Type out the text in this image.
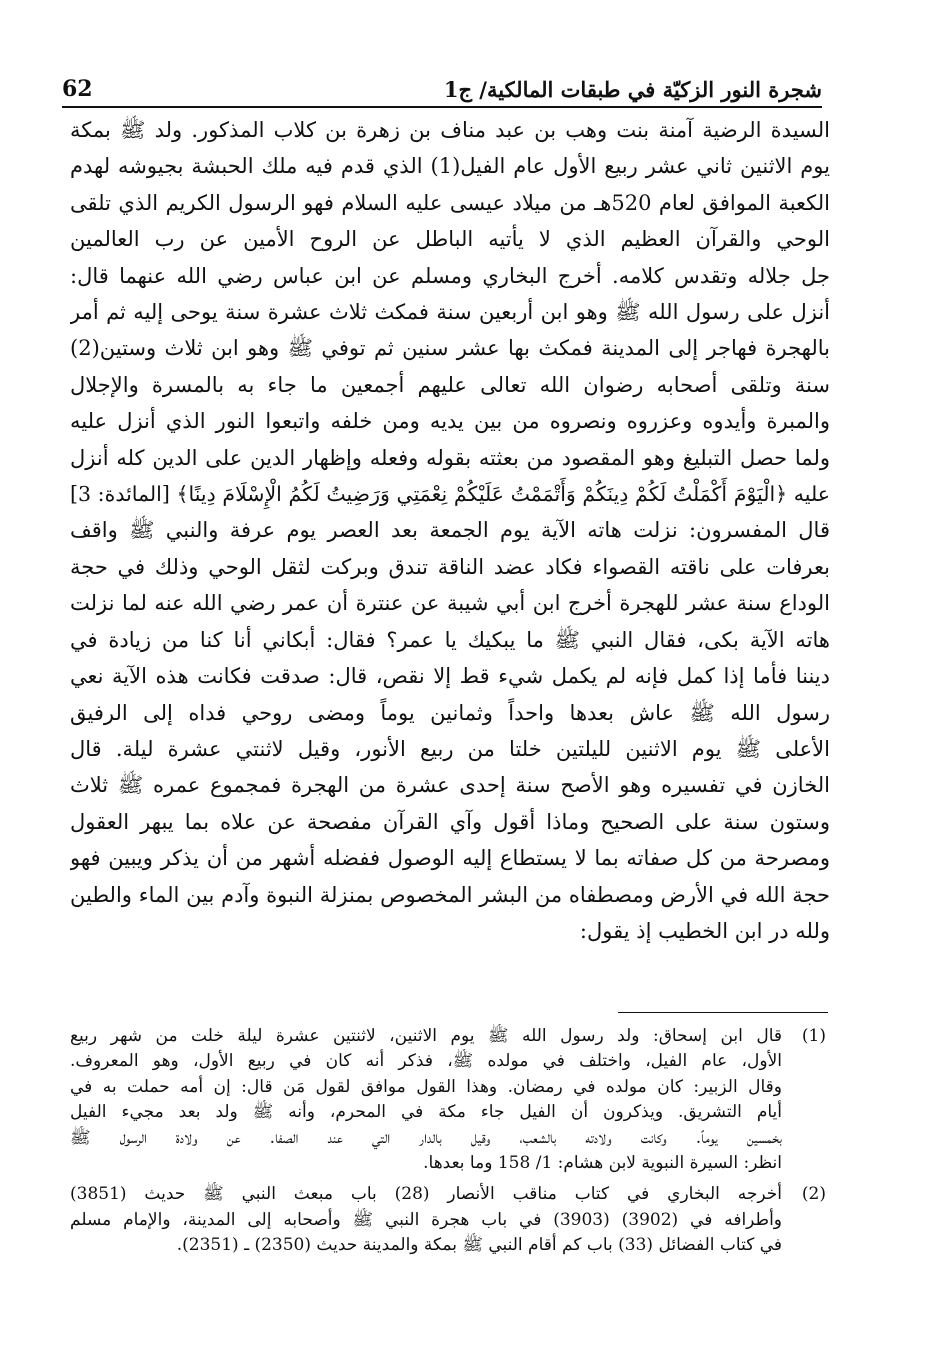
62	شجرة النور الزكيّة في طبقات المالكية/ ج1
السيدة الرضية آمنة بنت وهب بن عبد مناف بن زهرة بن كلاب المذكور. ولد ﷺ بمكة
يوم الاثنين ثاني عشر ربيع الأول عام الفيل(1) الذي قدم فيه ملك الحبشة بجيوشه لهدم
الكعبة الموافق لعام 520هـ من ميلاد عيسى عليه السلام فهو الرسول الكريم الذي تلقى
الوحي والقرآن العظيم الذي لا يأتيه الباطل عن الروح الأمين عن رب العالمين
جل جلاله وتقدس كلامه. أخرج البخاري ومسلم عن ابن عباس رضي الله عنهما قال:
أنزل على رسول الله ﷺ وهو ابن أربعين سنة فمكث ثلاث عشرة سنة يوحى إليه ثم أمر
بالهجرة فهاجر إلى المدينة فمكث بها عشر سنين ثم توفي ﷺ وهو ابن ثلاث وستين(2)
سنة وتلقى أصحابه رضوان الله تعالى عليهم أجمعين ما جاء به بالمسرة والإجلال
والمبرة وأيدوه وعزروه ونصروه من بين يديه ومن خلفه واتبعوا النور الذي أنزل عليه
ولما حصل التبليغ وهو المقصود من بعثته بقوله وفعله وإظهار الدين على الدين كله أنزل
عليه ﴿الْيَوْمَ أَكْمَلْتُ لَكُمْ دِينَكُمْ وَأَتْمَمْتُ عَلَيْكُمْ نِعْمَتِي وَرَضِيتُ لَكُمُ الْإِسْلَامَ دِينًا﴾ [المائدة: 3]
قال المفسرون: نزلت هاته الآية يوم الجمعة بعد العصر يوم عرفة والنبي ﷺ واقف
بعرفات على ناقته القصواء فكاد عضد الناقة تندق وبركت لثقل الوحي وذلك في حجة
الوداع سنة عشر للهجرة أخرج ابن أبي شيبة عن عنترة أن عمر رضي الله عنه لما نزلت
هاته الآية بكى، فقال النبي ﷺ ما يبكيك يا عمر؟ فقال: أبكاني أنا كنا من زيادة في
ديننا فأما إذا كمل فإنه لم يكمل شيء قط إلا نقص، قال: صدقت فكانت هذه الآية نعي
رسول الله ﷺ عاش بعدها واحداً وثمانين يوماً ومضى روحي فداه إلى الرفيق
الأعلى ﷺ يوم الاثنين لليلتين خلتا من ربيع الأنور، وقيل لاثنتي عشرة ليلة. قال
الخازن في تفسيره وهو الأصح سنة إحدى عشرة من الهجرة فمجموع عمره ﷺ ثلاث
وستون سنة على الصحيح وماذا أقول وآي القرآن مفصحة عن علاه بما يبهر العقول
ومصرحة من كل صفاته بما لا يستطاع إليه الوصول ففضله أشهر من أن يذكر ويبين فهو
حجة الله في الأرض ومصطفاه من البشر المخصوص بمنزلة النبوة وآدم بين الماء والطين
ولله در ابن الخطيب إذ يقول:
(1)
قال ابن إسحاق: ولد رسول الله ﷺ يوم الاثنين، لاثنتين عشرة ليلة خلت من شهر ربيع
الأول، عام الفيل، واختلف في مولده ﷺ، فذكر أنه كان في ربيع الأول، وهو المعروف.
وقال الزبير: كان مولده في رمضان. وهذا القول موافق لقول مَن قال: إن أمه حملت به في
أيام التشريق. ويذكرون أن الفيل جاء مكة في المحرم، وأنه ﷺ ولد بعد مجيء الفيل
بخمسين يوماً. وكانت ولادته بالشعب، وقيل بالدار التي عند الصفا. عن ولادة الرسول ﷺ
انظر: السيرة النبوية لابن هشام: 1/ 158 وما بعدها.
(2)
أخرجه البخاري في كتاب مناقب الأنصار (28) باب مبعث النبي ﷺ حديث (3851)
وأطرافه في (3902) (3903) في باب هجرة النبي ﷺ وأصحابه إلى المدينة، والإمام مسلم
في كتاب الفضائل (33) باب كم أقام النبي ﷺ بمكة والمدينة حديث (2350) ـ (2351).
